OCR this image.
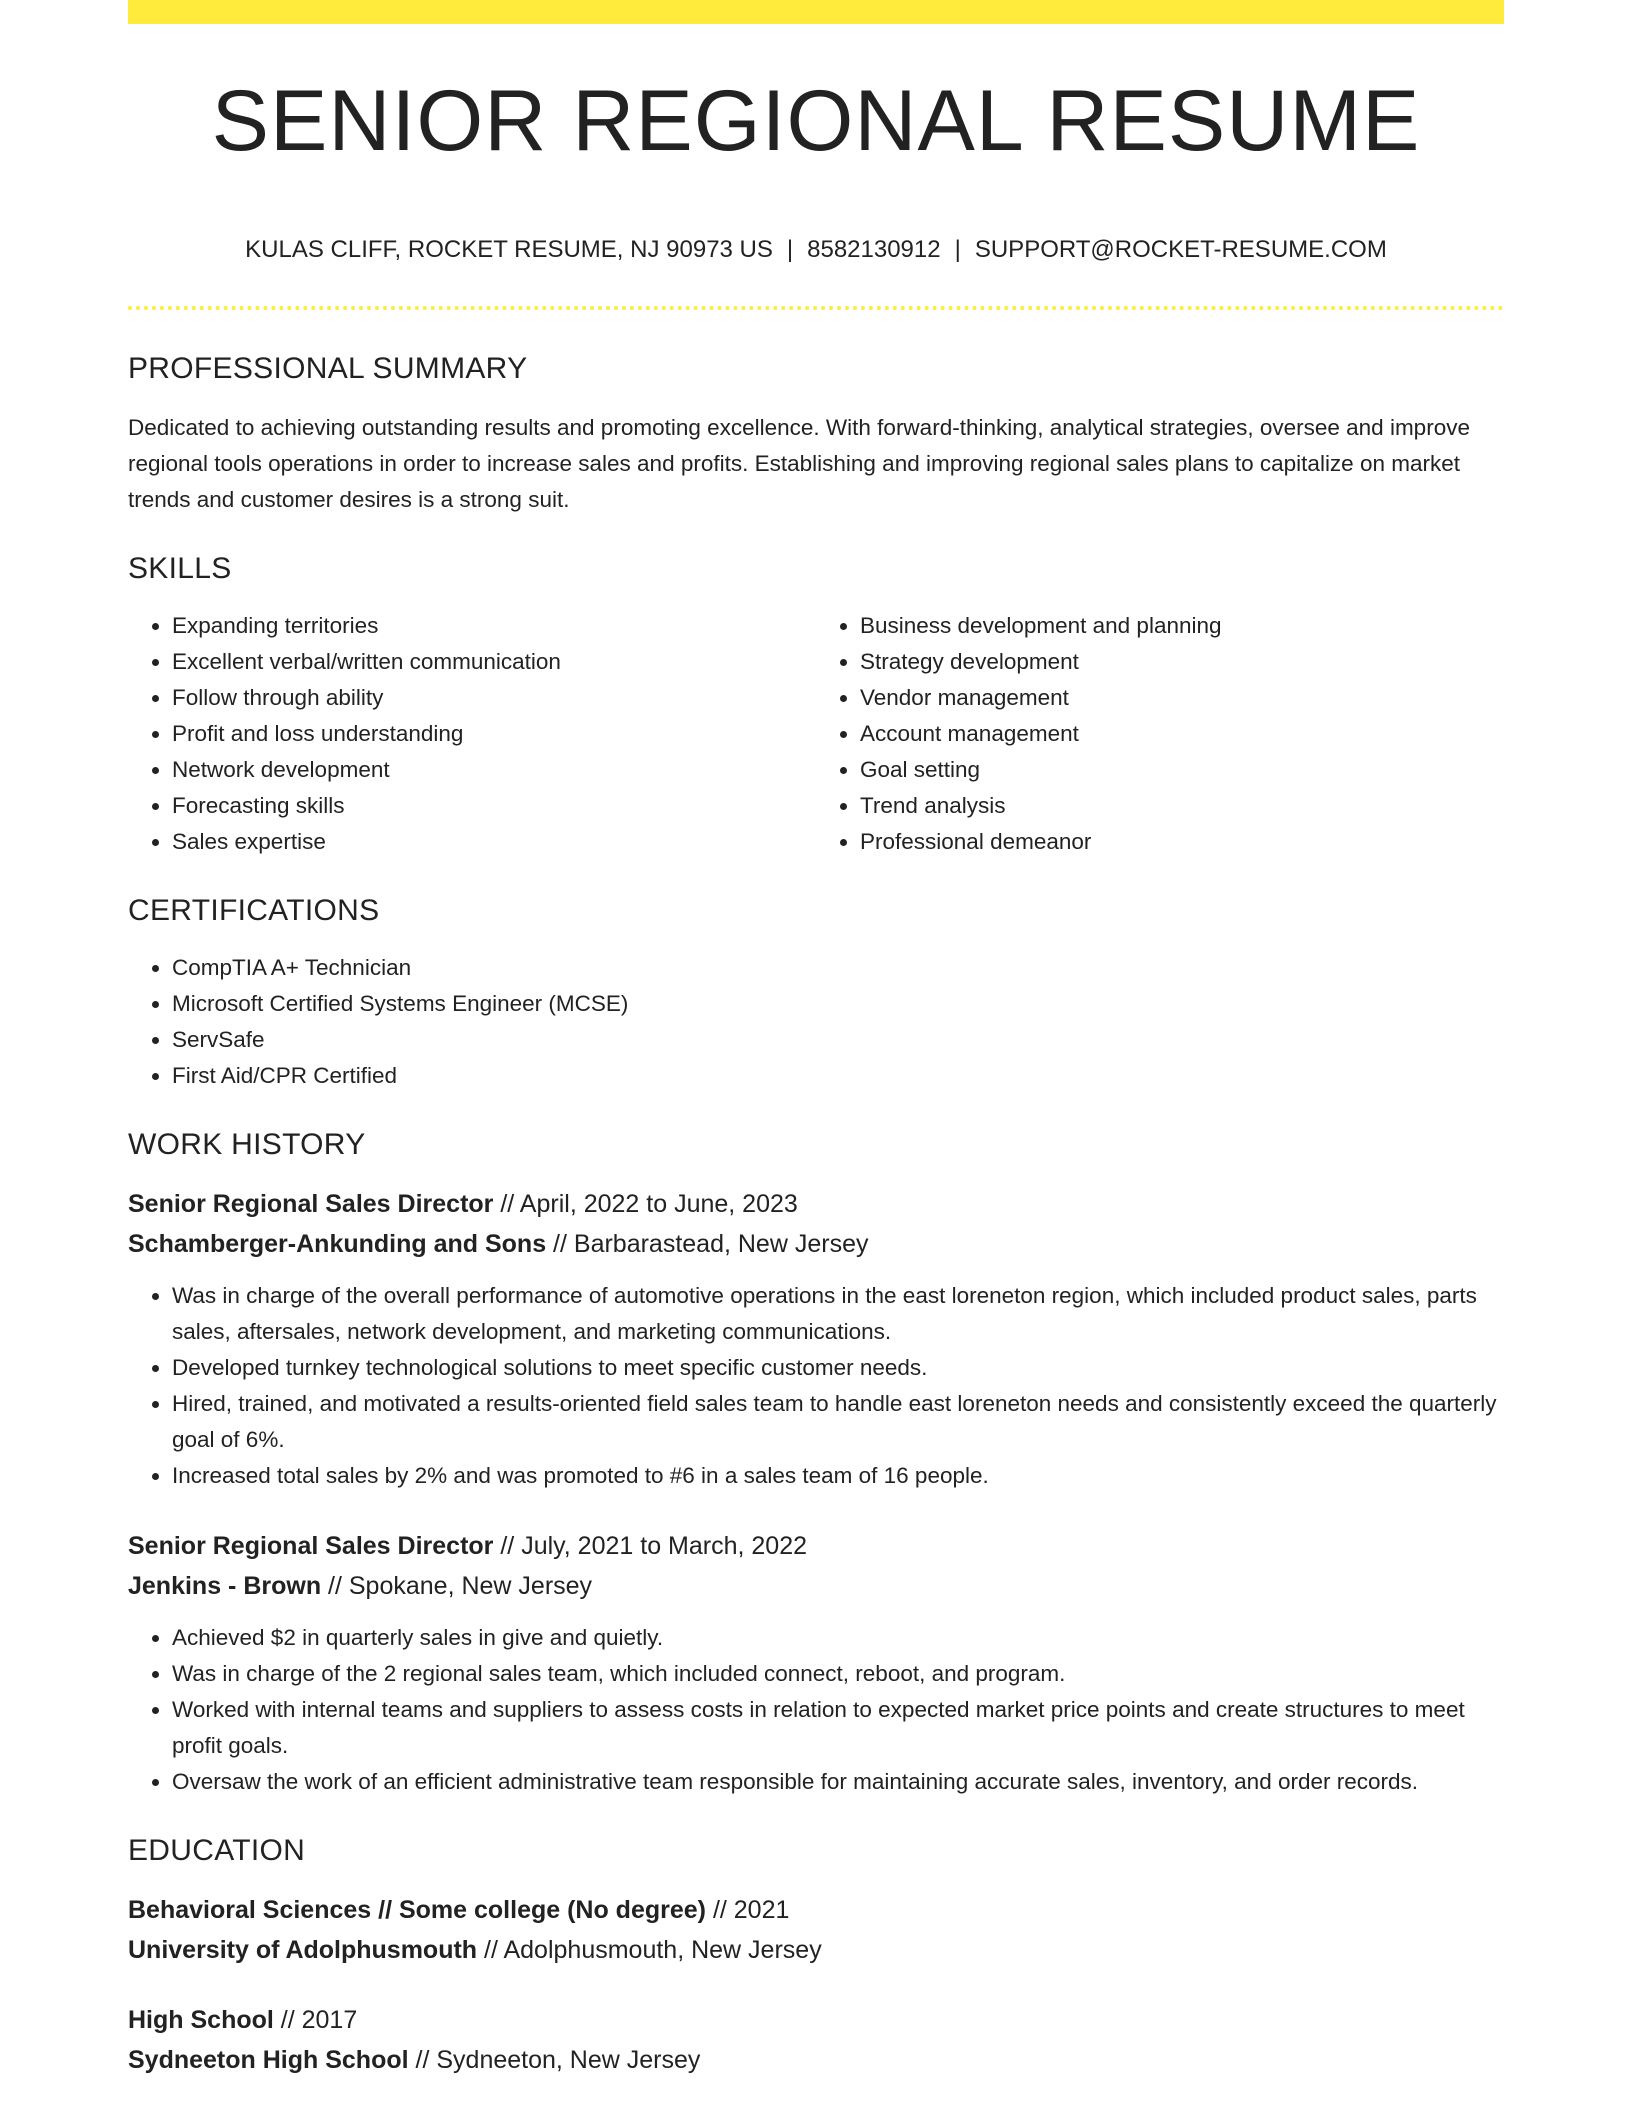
SENIOR REGIONAL RESUME
KULAS CLIFF, ROCKET RESUME, NJ 90973 US | 8582130912 | SUPPORT@ROCKET-RESUME.COM
PROFESSIONAL SUMMARY

Dedicated to achieving outstanding results and promoting excellence. With forward-thinking, analytical strategies, oversee and improve regional tools operations in order to increase sales and profits. Establishing and improving regional sales plans to capitalize on market trends and customer desires is a strong suit.

SKILLS
• Expanding territories
• Excellent verbal/written communication
• Follow through ability
• Profit and loss understanding
• Network development
• Forecasting skills
• Sales expertise
• Business development and planning
• Strategy development
• Vendor management
• Account management
• Goal setting
• Trend analysis
• Professional demeanor
CERTIFICATIONS
• CompTIA A+ Technician
• Microsoft Certified Systems Engineer (MCSE)
• ServSafe
• First Aid/CPR Certified
WORK HISTORY
Senior Regional Sales Director // April, 2022 to June, 2023
Schamberger-Ankunding and Sons // Barbarastead, New Jersey
• Was in charge of the overall performance of automotive operations in the east loreneton region, which included product sales, parts sales, aftersales, network development, and marketing communications.
• Developed turnkey technological solutions to meet specific customer needs.
• Hired, trained, and motivated a results-oriented field sales team to handle east loreneton needs and consistently exceed the quarterly goal of 6%.
• Increased total sales by 2% and was promoted to #6 in a sales team of 16 people.
Senior Regional Sales Director // July, 2021 to March, 2022
Jenkins - Brown // Spokane, New Jersey
• Achieved $2 in quarterly sales in give and quietly.
• Was in charge of the 2 regional sales team, which included connect, reboot, and program.
• Worked with internal teams and suppliers to assess costs in relation to expected market price points and create structures to meet profit goals.
• Oversaw the work of an efficient administrative team responsible for maintaining accurate sales, inventory, and order records.
EDUCATION
Behavioral Sciences // Some college (No degree) // 2021
University of Adolphusmouth // Adolphusmouth, New Jersey
High School // 2017
Sydneeton High School // Sydneeton, New Jersey
